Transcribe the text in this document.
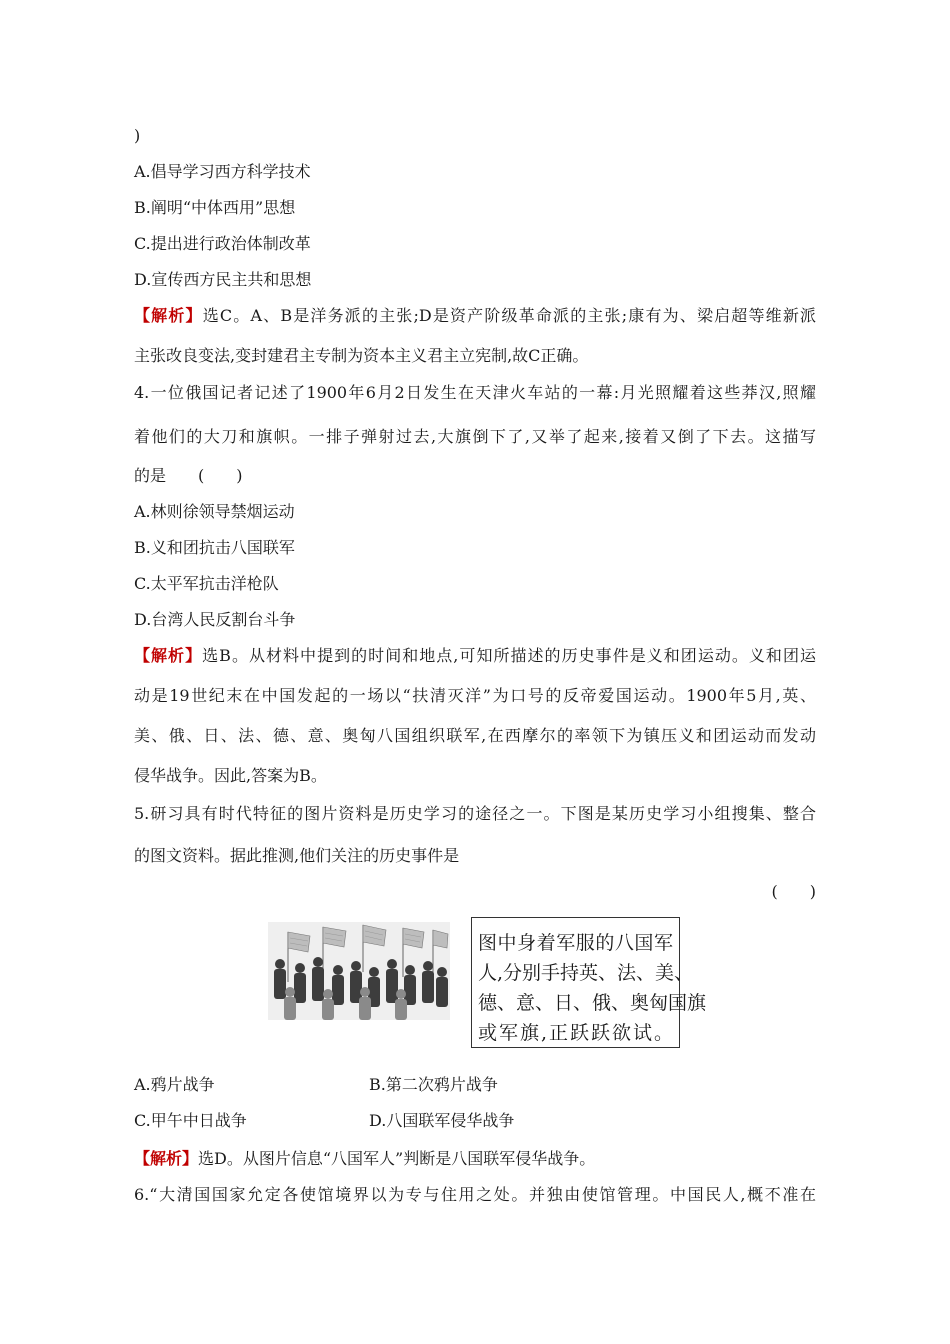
)
A.倡导学习西方科学技术
B.阐明“中体西用”思想
C.提出进行政治体制改革
D.宣传西方民主共和思想
【解析】选C。A、B是洋务派的主张;D是资产阶级革命派的主张;康有为、梁启超等维新派
主张改良变法,变封建君主专制为资本主义君主立宪制,故C正确。
4.一位俄国记者记述了1900年6月2日发生在天津火车站的一幕:月光照耀着这些莽汉,照耀
着他们的大刀和旗帜。一排子弹射过去,大旗倒下了,又举了起来,接着又倒了下去。这描写
的是　　(　　)
A.林则徐领导禁烟运动
B.义和团抗击八国联军
C.太平军抗击洋枪队
D.台湾人民反割台斗争
【解析】选B。从材料中提到的时间和地点,可知所描述的历史事件是义和团运动。义和团运
动是19世纪末在中国发起的一场以“扶清灭洋”为口号的反帝爱国运动。1900年5月,英、
美、俄、日、法、德、意、奥匈八国组织联军,在西摩尔的率领下为镇压义和团运动而发动
侵华战争。因此,答案为B。
5.研习具有时代特征的图片资料是历史学习的途径之一。下图是某历史学习小组搜集、整合
的图文资料。据此推测,他们关注的历史事件是
(　　)
图中身着军服的八国军
人,分别手持英、法、美、
德、意、日、俄、奥匈国旗
或军旗,正跃跃欲试。
A.鸦片战争	B.第二次鸦片战争
C.甲午中日战争	D.八国联军侵华战争
【解析】选D。从图片信息“八国军人”判断是八国联军侵华战争。
6.“大清国国家允定各使馆境界以为专与住用之处。并独由使馆管理。中国民人,概不准在
